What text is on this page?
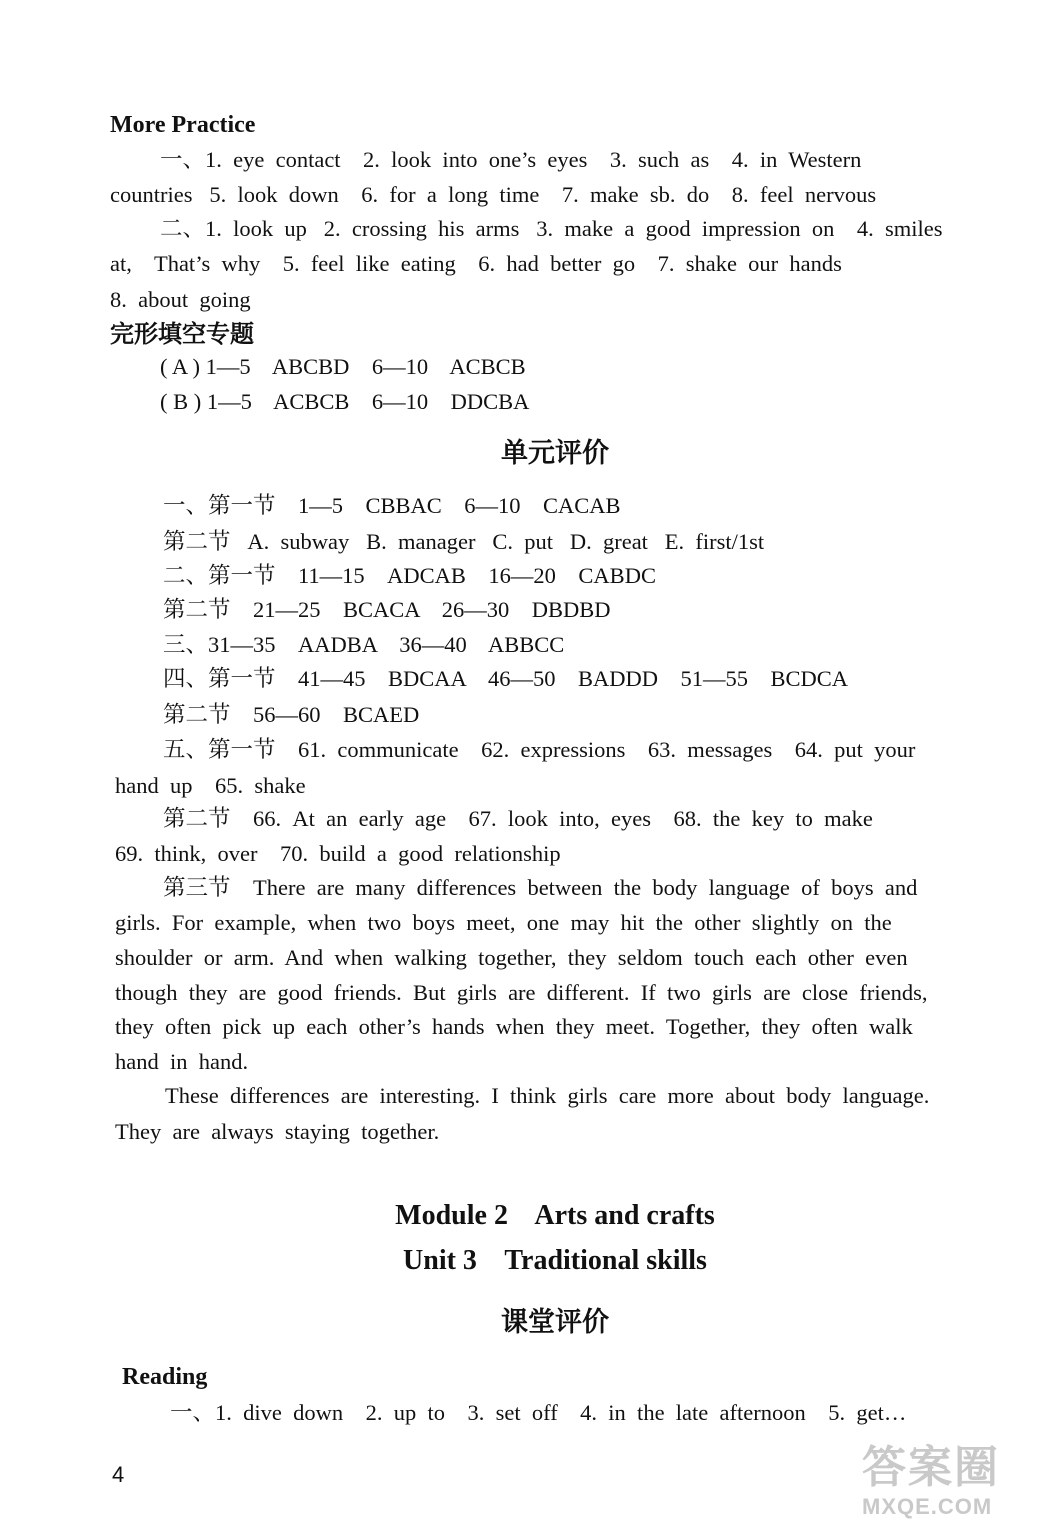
More Practice
一、1.  eye  contact    2.  look  into  one’s  eyes    3.  such  as    4.  in  Western
countries   5.  look  down    6.  for  a  long  time    7.  make  sb.  do    8.  feel  nervous
二、1.  look  up   2.  crossing  his  arms   3.  make  a  good  impression  on    4.  smiles
at,    That’s  why    5.  feel  like  eating    6.  had  better  go    7.  shake  our  hands
8.  about  going
完形填空专题
( A ) 1—5    ABCBD    6—10    ACBCB
( B ) 1—5    ACBCB    6—10    DDCBA
单元评价
一、第一节    1—5    CBBAC    6—10    CACAB
第二节   A.  subway   B.  manager   C.  put   D.  great   E.  first/1st
二、第一节    11—15    ADCAB    16—20    CABDC
第二节    21—25    BCACA    26—30    DBDBD
三、31—35    AADBA    36—40    ABBCC
四、第一节    41—45    BDCAA    46—50    BADDD    51—55    BCDCA
第二节    56—60    BCAED
五、第一节    61.  communicate    62.  expressions    63.  messages    64.  put  your
hand  up    65.  shake
第二节    66.  At  an  early  age    67.  look  into,  eyes    68.  the  key  to  make
69.  think,  over    70.  build  a  good  relationship
第三节    There  are  many  differences  between  the  body  language  of  boys  and
girls.  For  example,  when  two  boys  meet,  one  may  hit  the  other  slightly  on  the
shoulder  or  arm.  And  when  walking  together,  they  seldom  touch  each  other  even
though  they  are  good  friends.  But  girls  are  different.  If  two  girls  are  close  friends,
they  often  pick  up  each  other’s  hands  when  they  meet.  Together,  they  often  walk
hand  in  hand.
These  differences  are  interesting.  I  think  girls  care  more  about  body  language.
They  are  always  staying  together.
Module 2    Arts and crafts
Unit 3    Traditional skills
课堂评价
Reading
一、1.  dive  down    2.  up  to    3.  set  off    4.  in  the  late  afternoon    5.  get…
4	答案圈
MXQE.COM
